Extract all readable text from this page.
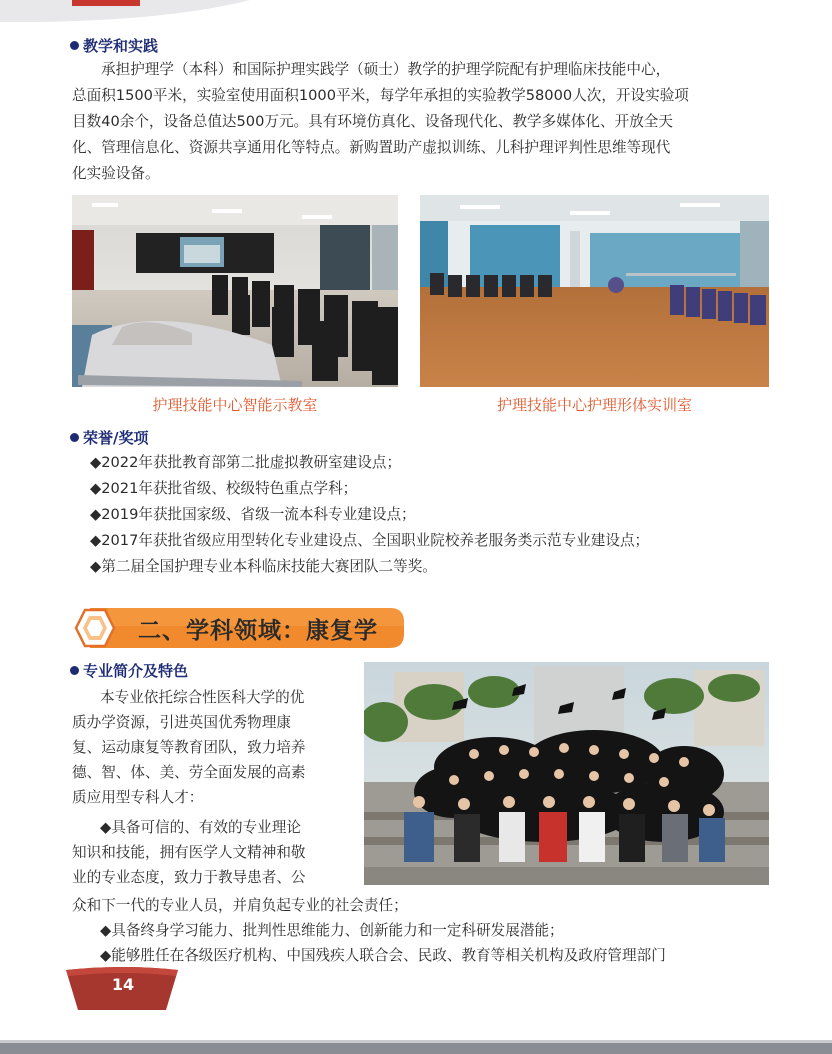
教学和实践
承担护理学（本科）和国际护理实践学（硕士）教学的护理学院配有护理临床技能中心，
总面积1500平米，实验室使用面积1000平米，每学年承担的实验教学58000人次，开设实验项
目数40余个，设备总值达500万元。具有环境仿真化、设备现代化、教学多媒体化、开放全天
化、管理信息化、资源共享通用化等特点。新购置助产虚拟训练、儿科护理评判性思维等现代
化实验设备。
护理技能中心智能示教室	护理技能中心护理形体实训室
荣誉/奖项
◆2022年获批教育部第二批虚拟教研室建设点；
◆2021年获批省级、校级特色重点学科；
◆2019年获批国家级、省级一流本科专业建设点；
◆2017年获批省级应用型转化专业建设点、全国职业院校养老服务类示范专业建设点；
◆第二届全国护理专业本科临床技能大赛团队二等奖。
二、学科领域：康复学
专业简介及特色
本专业依托综合性医科大学的优
质办学资源，引进英国优秀物理康
复、运动康复等教育团队，致力培养
德、智、体、美、劳全面发展的高素
质应用型专科人才：
◆具备可信的、有效的专业理论
知识和技能，拥有医学人文精神和敬
业的专业态度，致力于教导患者、公
众和下一代的专业人员，并肩负起专业的社会责任；
◆具备终身学习能力、批判性思维能力、创新能力和一定科研发展潜能；
◆能够胜任在各级医疗机构、中国残疾人联合会、民政、教育等相关机构及政府管理部门
14
